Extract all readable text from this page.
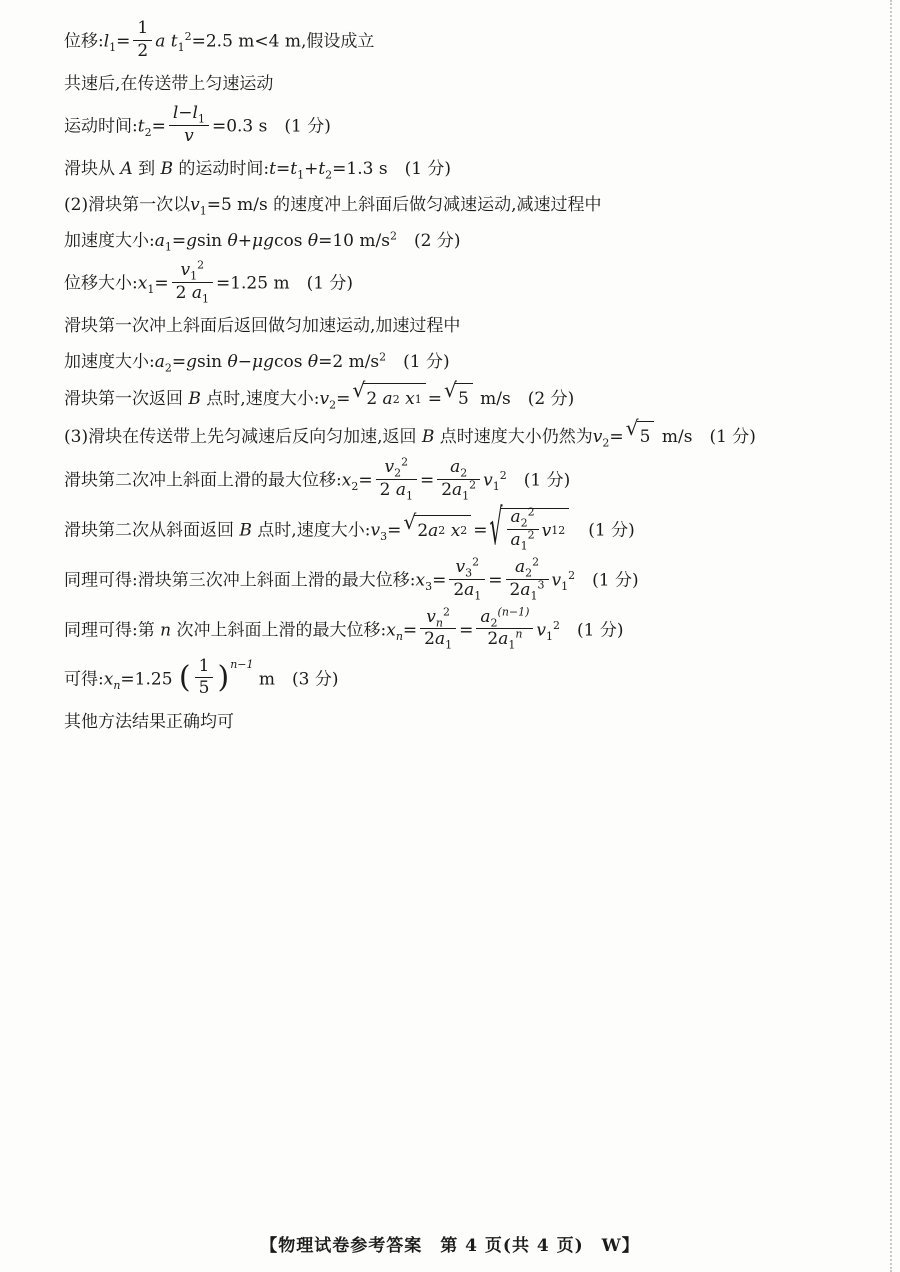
位移$:l_1= \frac{1}{2}$ a $t_1^2=2.5$ m<4 m,假设成立
共速后,在传送带上匀速运动
运动时间$:t_2= \frac{l-l_1}{v} =0.3$ s　(1 分)
滑块从 A 到 B 的运动时间$:t=t_1+t_2=1.3$ s　(1 分)
(2)滑块第一次以$v_1=5$ m/s 的速度冲上斜面后做匀减速运动,减速过程中
加速度大小$:a_1=gsin$ θ+μgcos θ=10 $m/s^2$　(2 分)
位移大小$:x_1= \frac{v_1^2}{2 a_1} =1.25$ m　(1 分)
滑块第一次冲上斜面后返回做匀加速运动,加速过程中
加速度大小$:a_2=gsin$ θ−μgcos θ=2 $m/s^2$　(1 分)
滑块第一次返回 B 点时,速度大小$:v_2=$ √ 2 a 2 x 1 = √ 5 m/s　(2 分)
(3)滑块在传送带上先匀减速后反向匀加速,返回 B 点时速度大小仍然为$v_2=$ √ 5 m/s　(1 分)
滑块第二次冲上斜面上滑的最大位移$:x_2= \frac{v_2^2}{2 a_1} = \frac{a_2}{2a_1^2} v_1^2$　(1 分)
滑块第二次从斜面返回 B 点时,速度大小$:v_3=$ √ 2 a 2 x 2 = √ $a_2^2$
$a_1^2$ v 1 2 　(1 分)
同理可得:滑块第三次冲上斜面上滑的最大位移$:x_3= \frac{v_3^2}{2a_1} = \frac{a_2^2}{2a_1^3} v_1^2$　(1 分)
同理可得:第 n 次冲上斜面上滑的最大位移$:x_n= \frac{v_n^2}{2a_1} = \frac{a_2^{(n-1)}}{2a_1^n} v_1^2$　(1 分)
可得$:x_n=1.25$ ( $\frac{1}{5} )^{n-1}$ m　(3 分)
其他方法结果正确均可
【物理试卷参考答案　第 4 页(共 4 页)　W】
